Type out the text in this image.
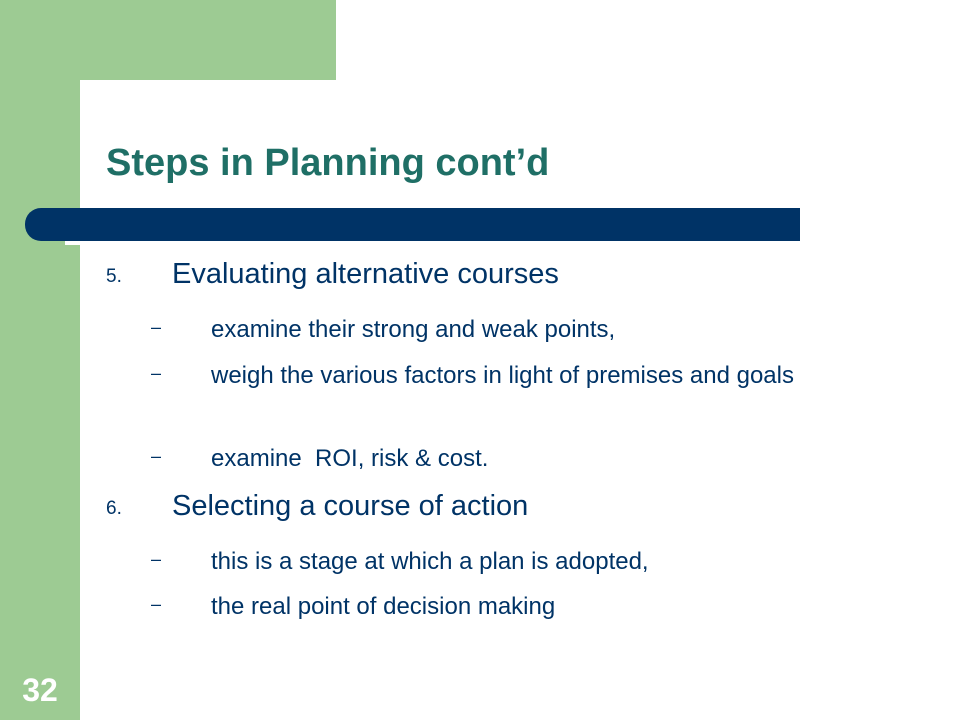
Steps in Planning cont’d
5. Evaluating alternative courses
– examine their strong and weak points,
– weigh the various factors in light of premises and goals
– examine  ROI, risk & cost.
6. Selecting a course of action
– this is a stage at which a plan is adopted,
– the real point of decision making
32
